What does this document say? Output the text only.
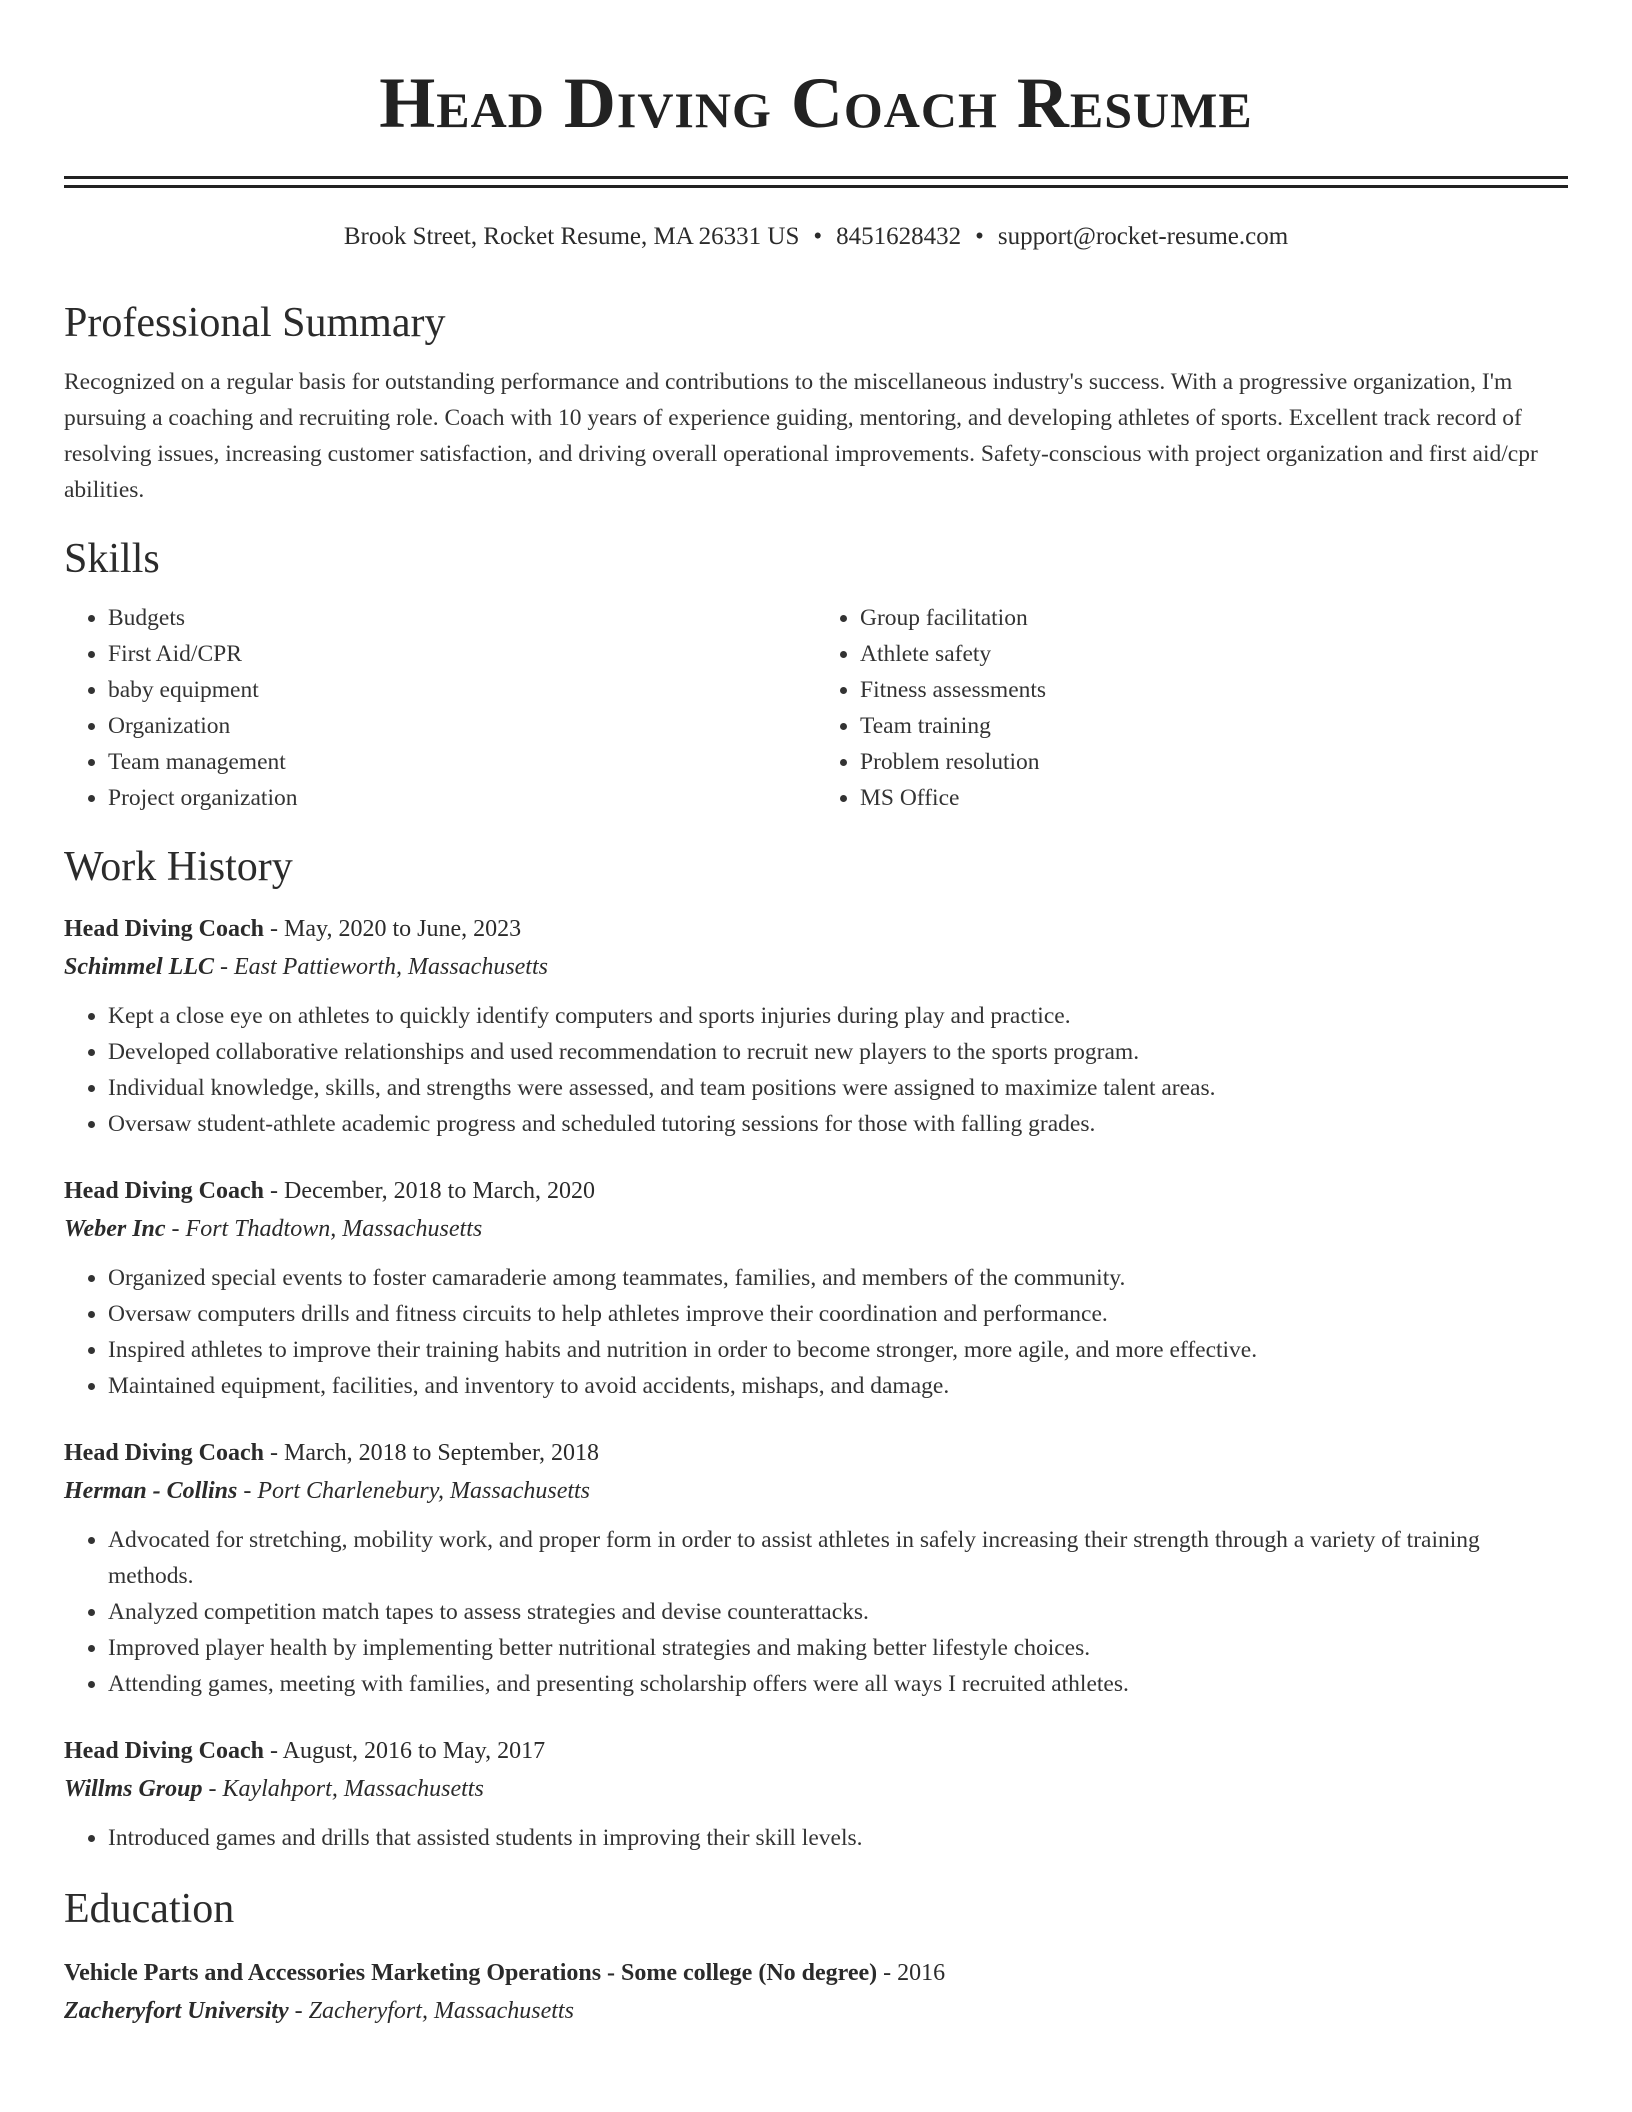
Head Diving Coach Resume
Brook Street, Rocket Resume, MA 26331 US • 8451628432 • support@rocket-resume.com
Professional Summary
Recognized on a regular basis for outstanding performance and contributions to the miscellaneous industry's success. With a progressive organization, I'm pursuing a coaching and recruiting role. Coach with 10 years of experience guiding, mentoring, and developing athletes of sports. Excellent track record of resolving issues, increasing customer satisfaction, and driving overall operational improvements. Safety-conscious with project organization and first aid/cpr abilities.
Skills
• Budgets
• First Aid/CPR
• baby equipment
• Organization
• Team management
• Project organization
• Group facilitation
• Athlete safety
• Fitness assessments
• Team training
• Problem resolution
• MS Office
Work History
Head Diving Coach - May, 2020 to June, 2023
Schimmel LLC - East Pattieworth, Massachusetts
• Kept a close eye on athletes to quickly identify computers and sports injuries during play and practice.
• Developed collaborative relationships and used recommendation to recruit new players to the sports program.
• Individual knowledge, skills, and strengths were assessed, and team positions were assigned to maximize talent areas.
• Oversaw student-athlete academic progress and scheduled tutoring sessions for those with falling grades.
Head Diving Coach - December, 2018 to March, 2020
Weber Inc - Fort Thadtown, Massachusetts
• Organized special events to foster camaraderie among teammates, families, and members of the community.
• Oversaw computers drills and fitness circuits to help athletes improve their coordination and performance.
• Inspired athletes to improve their training habits and nutrition in order to become stronger, more agile, and more effective.
• Maintained equipment, facilities, and inventory to avoid accidents, mishaps, and damage.
Head Diving Coach - March, 2018 to September, 2018
Herman - Collins - Port Charlenebury, Massachusetts
• Advocated for stretching, mobility work, and proper form in order to assist athletes in safely increasing their strength through a variety of training methods.
• Analyzed competition match tapes to assess strategies and devise counterattacks.
• Improved player health by implementing better nutritional strategies and making better lifestyle choices.
• Attending games, meeting with families, and presenting scholarship offers were all ways I recruited athletes.
Head Diving Coach - August, 2016 to May, 2017
Willms Group - Kaylahport, Massachusetts
• Introduced games and drills that assisted students in improving their skill levels.
Education
Vehicle Parts and Accessories Marketing Operations - Some college (No degree) - 2016
Zacheryfort University - Zacheryfort, Massachusetts
